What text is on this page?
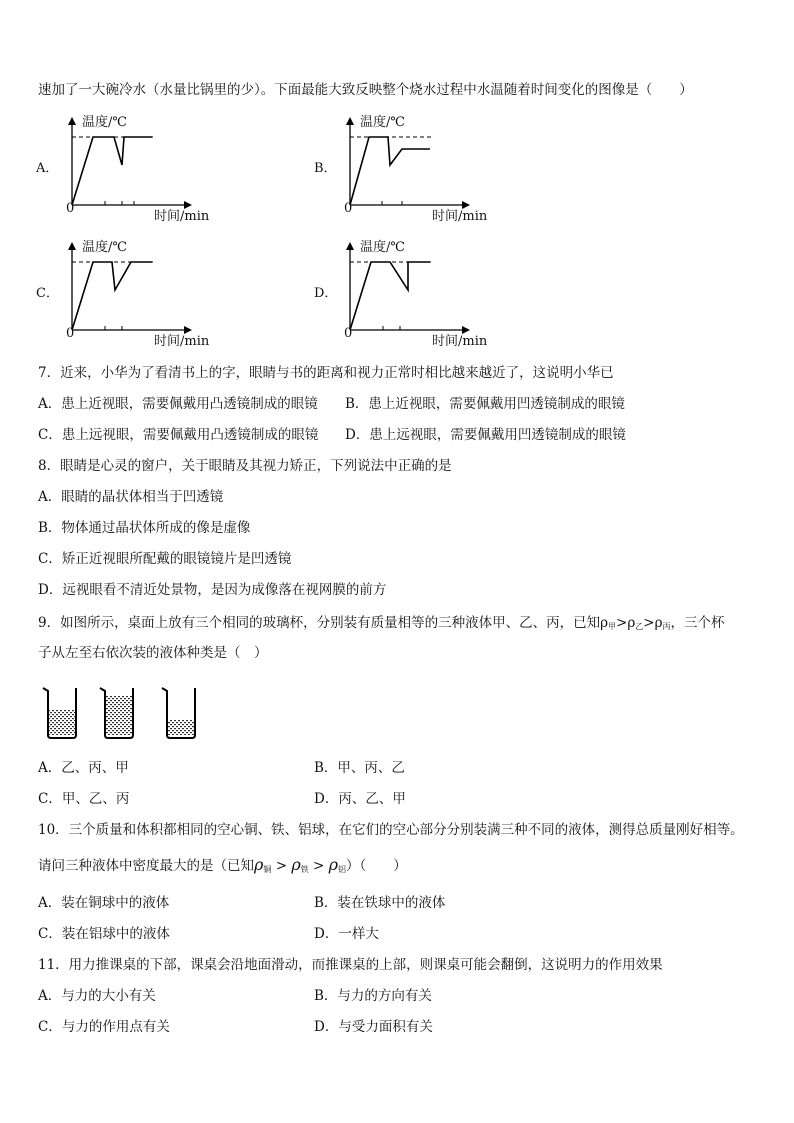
速加了一大碗冷水（水量比锅里的少）。下面最能大致反映整个烧水过程中水温随着时间变化的图像是（　　）
A．
温度/℃
0
时间/min
B．
温度/℃
0
时间/min
C．
温度/℃
0
时间/min
D．
温度/℃
0
时间/min
7．近来，小华为了看清书上的字，眼睛与书的距离和视力正常时相比越来越近了，这说明小华已
A．患上近视眼，需要佩戴用凸透镜制成的眼镜 B．患上近视眼，需要佩戴用凹透镜制成的眼镜
C．患上远视眼，需要佩戴用凸透镜制成的眼镜 D．患上远视眼，需要佩戴用凹透镜制成的眼镜
8．眼睛是心灵的窗户，关于眼睛及其视力矫正，下列说法中正确的是
A．眼睛的晶状体相当于凹透镜
B．物体通过晶状体所成的像是虚像
C．矫正近视眼所配戴的眼镜镜片是凹透镜
D．远视眼看不清近处景物，是因为成像落在视网膜的前方
9．如图所示，桌面上放有三个相同的玻璃杯，分别装有质量相等的三种液体甲、乙、丙，已知$\rho_甲>\rho_乙>\rho_丙$，三个杯
子从左至右依次装的液体种类是（　）
A．乙、丙、甲	B．甲、丙、乙
C．甲、乙、丙	D．丙、乙、甲
10．三个质量和体积都相同的空心铜、铁、铝球，在它们的空心部分分别装满三种不同的液体，测得总质量刚好相等。
请问三种液体中密度最大的是（已知$\rho_铜 > \rho_铁 > \rho_铝$）（　　）
A．装在铜球中的液体	B．装在铁球中的液体
C．装在铝球中的液体	D．一样大
11．用力推课桌的下部，课桌会沿地面滑动，而推课桌的上部，则课桌可能会翻倒，这说明力的作用效果
A．与力的大小有关	B．与力的方向有关
C．与力的作用点有关	D．与受力面积有关
